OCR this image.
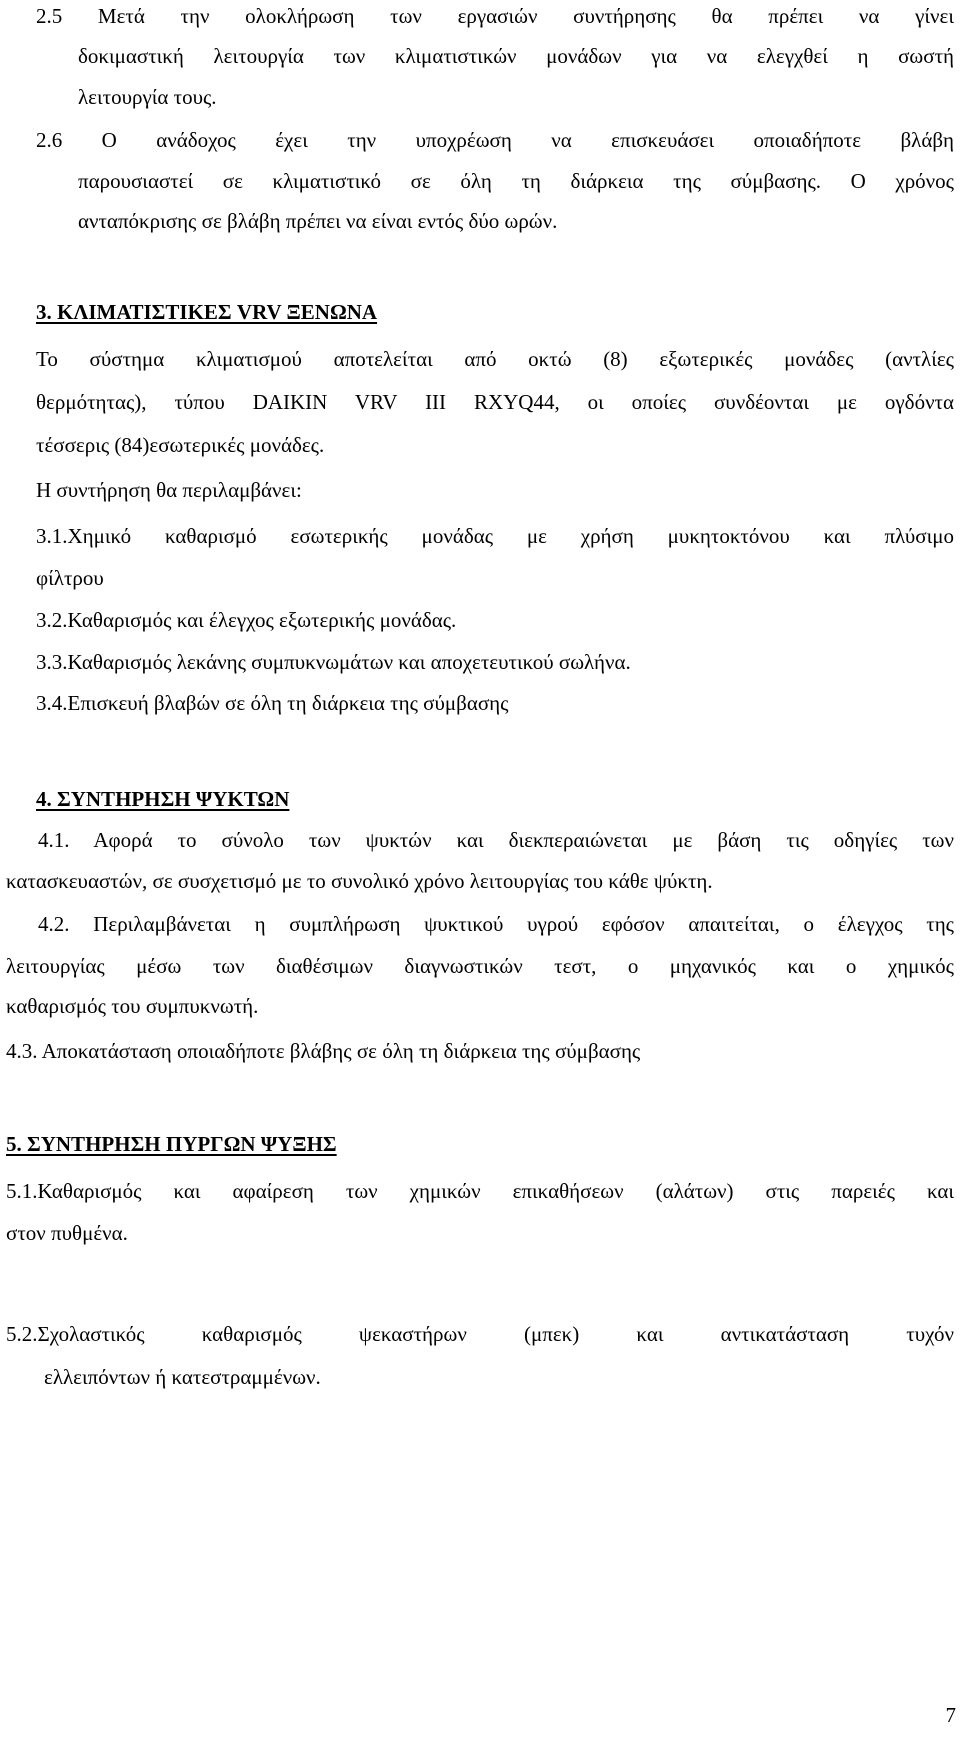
2.5 Μετά την ολοκλήρωση των εργασιών συντήρησης θα πρέπει να γίνει
δοκιμαστική λειτουργία των κλιματιστικών μονάδων για να ελεγχθεί η σωστή
λειτουργία τους.
2.6 Ο ανάδοχος έχει την υποχρέωση να επισκευάσει οποιαδήποτε βλάβη
παρουσιαστεί σε κλιματιστικό σε όλη τη διάρκεια της σύμβασης. Ο χρόνος
ανταπόκρισης σε βλάβη πρέπει να είναι εντός δύο ωρών.
3. ΚΛΙΜΑΤΙΣΤΙΚΕΣ VRV ΞΕΝΩΝΑ
Το σύστημα κλιματισμού αποτελείται από οκτώ (8) εξωτερικές μονάδες (αντλίες
θερμότητας), τύπου DAIKIN VRV III RXYQ44, οι οποίες συνδέονται με ογδόντα
τέσσερις (84)εσωτερικές μονάδες.
Η συντήρηση θα περιλαμβάνει:
3.1.Χημικό καθαρισμό εσωτερικής μονάδας με χρήση μυκητοκτόνου και πλύσιμο
φίλτρου
3.2.Καθαρισμός και έλεγχος εξωτερικής μονάδας.
3.3.Καθαρισμός λεκάνης συμπυκνωμάτων και αποχετευτικού σωλήνα.
3.4.Επισκευή βλαβών σε όλη τη διάρκεια της σύμβασης
4. ΣΥΝΤΗΡΗΣΗ ΨΥΚΤΩΝ
4.1. Αφορά το σύνολο των ψυκτών και διεκπεραιώνεται με βάση τις οδηγίες των
κατασκευαστών, σε συσχετισμό με το συνολικό χρόνο λειτουργίας του κάθε ψύκτη.
4.2. Περιλαμβάνεται η συμπλήρωση ψυκτικού υγρού εφόσον απαιτείται, ο έλεγχος της
λειτουργίας μέσω των διαθέσιμων διαγνωστικών τεστ, ο μηχανικός και ο χημικός
καθαρισμός του συμπυκνωτή.
4.3. Αποκατάσταση οποιαδήποτε βλάβης σε όλη τη διάρκεια της σύμβασης
5. ΣΥΝΤΗΡΗΣΗ ΠΥΡΓΩΝ ΨΥΞΗΣ
5.1.Καθαρισμός και αφαίρεση των χημικών επικαθήσεων (αλάτων) στις παρειές και
στον πυθμένα.
5.2.Σχολαστικός καθαρισμός ψεκαστήρων (μπεκ) και αντικατάσταση τυχόν
ελλειπόντων ή κατεστραμμένων.
7
